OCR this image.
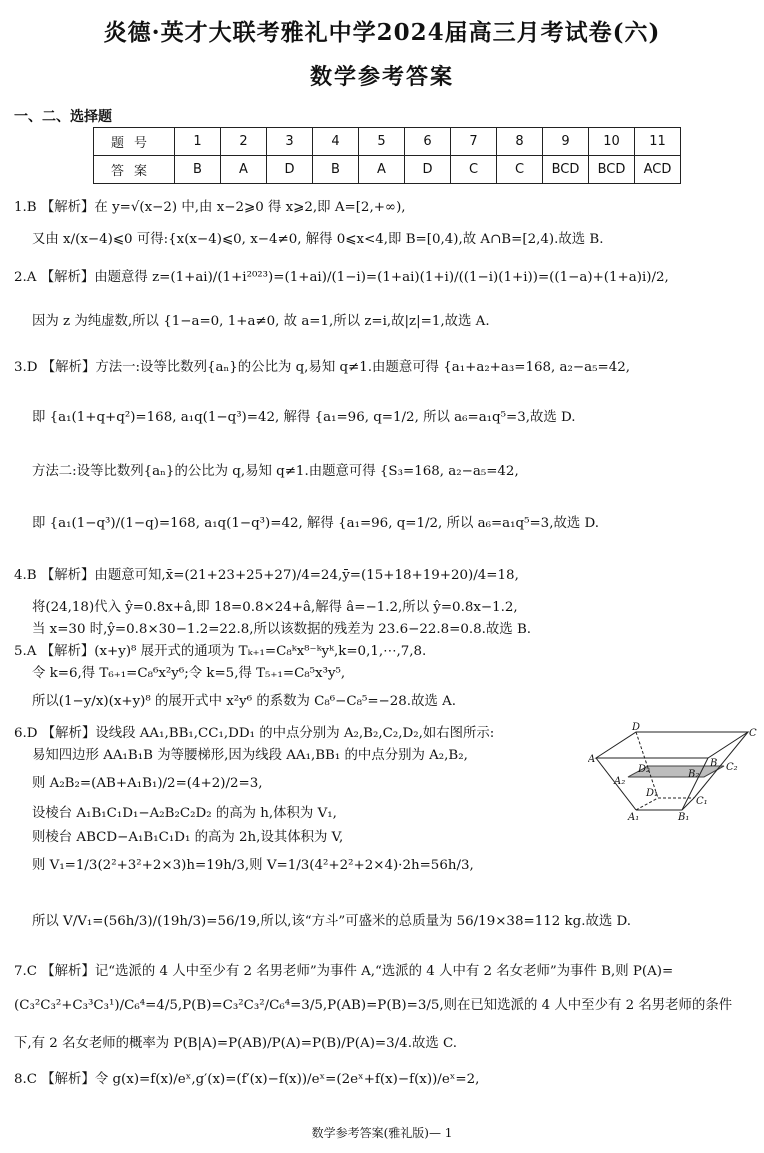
炎德·英才大联考雅礼中学2024届高三月考试卷(六)
数学参考答案
一、二、选择题
题号	1	2	3	4	5	6	7	8	9	10	11
答案	B	A	D	B	A	D	C	C	BCD	BCD	ACD
1.B 【解析】在 y=√(x−2) 中,由 x−2⩾0 得 x⩾2,即 A=[2,+∞),
又由 x/(x−4)⩽0 可得:{x(x−4)⩽0, x−4≠0, 解得 0⩽x<4,即 B=[0,4),故 A∩B=[2,4).故选 B.
2.A 【解析】由题意得 z=(1+ai)/(1+i²⁰²³)=(1+ai)/(1−i)=(1+ai)(1+i)/((1−i)(1+i))=((1−a)+(1+a)i)/2,
因为 z 为纯虚数,所以 {1−a=0, 1+a≠0, 故 a=1,所以 z=i,故|z|=1,故选 A.
3.D 【解析】方法一:设等比数列{aₙ}的公比为 q,易知 q≠1.由题意可得 {a₁+a₂+a₃=168, a₂−a₅=42,
即 {a₁(1+q+q²)=168, a₁q(1−q³)=42, 解得 {a₁=96, q=1/2, 所以 a₆=a₁q⁵=3,故选 D.
方法二:设等比数列{aₙ}的公比为 q,易知 q≠1.由题意可得 {S₃=168, a₂−a₅=42,
即 {a₁(1−q³)/(1−q)=168, a₁q(1−q³)=42, 解得 {a₁=96, q=1/2, 所以 a₆=a₁q⁵=3,故选 D.
4.B 【解析】由题意可知,x̄=(21+23+25+27)/4=24,ȳ=(15+18+19+20)/4=18,
将(24,18)代入 ŷ=0.8x+â,即 18=0.8×24+â,解得 â=−1.2,所以 ŷ=0.8x−1.2,
当 x=30 时,ŷ=0.8×30−1.2=22.8,所以该数据的残差为 23.6−22.8=0.8.故选 B.
5.A 【解析】(x+y)⁸ 展开式的通项为 Tₖ₊₁=C₈ᵏx⁸⁻ᵏyᵏ,k=0,1,⋯,7,8.
令 k=6,得 T₆₊₁=C₈⁶x²y⁶;令 k=5,得 T₅₊₁=C₈⁵x³y⁵,
所以(1−y/x)(x+y)⁸ 的展开式中 x²y⁶ 的系数为 C₈⁶−C₈⁵=−28.故选 A.
6.D 【解析】设线段 AA₁,BB₁,CC₁,DD₁ 的中点分别为 A₂,B₂,C₂,D₂,如右图所示:
易知四边形 AA₁B₁B 为等腰梯形,因为线段 AA₁,BB₁ 的中点分别为 A₂,B₂,
则 A₂B₂=(AB+A₁B₁)/2=(4+2)/2=3,
设棱台 A₁B₁C₁D₁−A₂B₂C₂D₂ 的高为 h,体积为 V₁,
则棱台 ABCD−A₁B₁C₁D₁ 的高为 2h,设其体积为 V,
则 V₁=1/3(2²+3²+2×3)h=19h/3,则 V=1/3(4²+2²+2×4)·2h=56h/3,
所以 V/V₁=(56h/3)/(19h/3)=56/19,所以,该“方斗”可盛米的总质量为 56/19×38=112 kg.故选 D.
7.C 【解析】记“选派的 4 人中至少有 2 名男老师”为事件 A,“选派的 4 人中有 2 名女老师”为事件 B,则 P(A)=
(C₃²C₃²+C₃³C₃¹)/C₆⁴=4/5,P(B)=C₃²C₃²/C₆⁴=3/5,P(AB)=P(B)=3/5,则在已知选派的 4 人中至少有 2 名男老师的条件
下,有 2 名女老师的概率为 P(B|A)=P(AB)/P(A)=P(B)/P(A)=3/4.故选 C.
8.C 【解析】令 g(x)=f(x)/eˣ,g′(x)=(f′(x)−f(x))/eˣ=(2eˣ+f(x)−f(x))/eˣ=2,
A
D
C
B
A₂
D₂	B₂
C₂
D₁
A₁	B₁
C₁
数学参考答案(雅礼版)— 1
